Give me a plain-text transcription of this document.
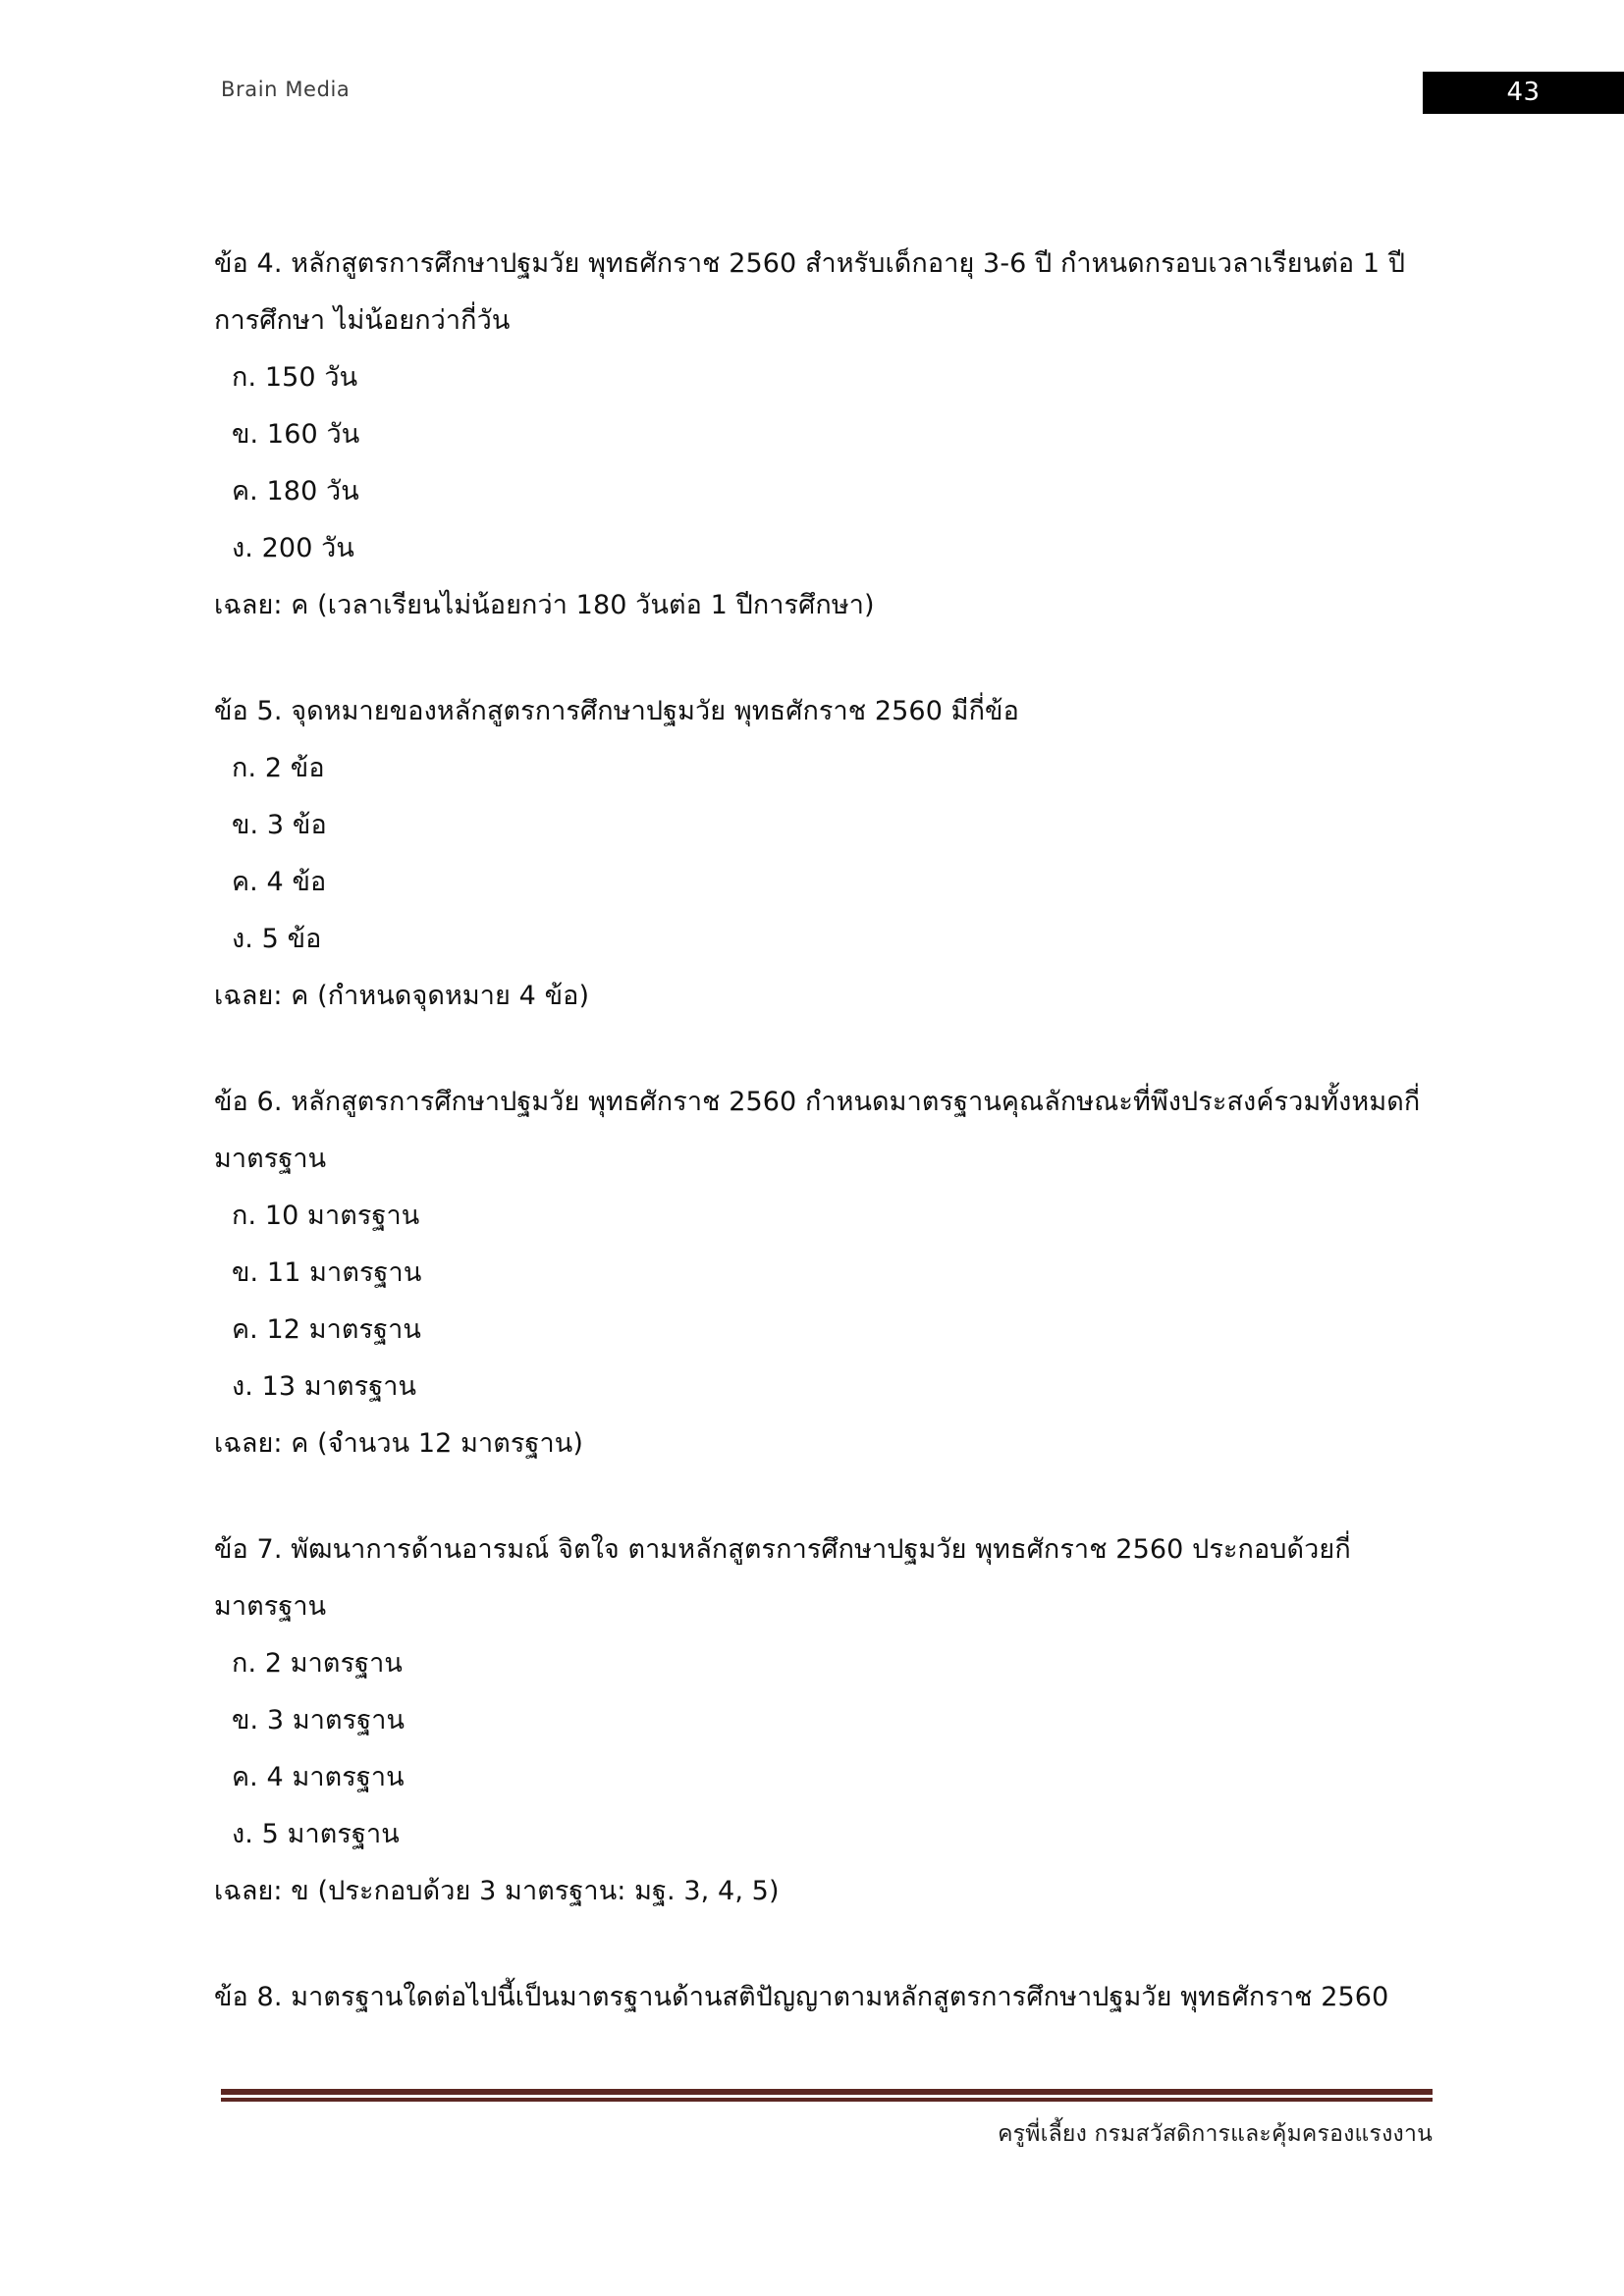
Brain Media	43

ข้อ 4. หลักสูตรการศึกษาปฐมวัย พุทธศักราช 2560 สำหรับเด็กอายุ 3-6 ปี กำหนดกรอบเวลาเรียนต่อ 1 ปีการศึกษา ไม่น้อยกว่ากี่วัน

ก. 150 วัน
ข. 160 วัน
ค. 180 วัน
ง. 200 วัน
เฉลย: ค (เวลาเรียนไม่น้อยกว่า 180 วันต่อ 1 ปีการศึกษา)

ข้อ 5. จุดหมายของหลักสูตรการศึกษาปฐมวัย พุทธศักราช 2560 มีกี่ข้อ

ก. 2 ข้อ
ข. 3 ข้อ
ค. 4 ข้อ
ง. 5 ข้อ
เฉลย: ค (กำหนดจุดหมาย 4 ข้อ)

ข้อ 6. หลักสูตรการศึกษาปฐมวัย พุทธศักราช 2560 กำหนดมาตรฐานคุณลักษณะที่พึงประสงค์รวมทั้งหมดกี่มาตรฐาน

ก. 10 มาตรฐาน
ข. 11 มาตรฐาน
ค. 12 มาตรฐาน
ง. 13 มาตรฐาน
เฉลย: ค (จำนวน 12 มาตรฐาน)

ข้อ 7. พัฒนาการด้านอารมณ์ จิตใจ ตามหลักสูตรการศึกษาปฐมวัย พุทธศักราช 2560 ประกอบด้วยกี่มาตรฐาน

ก. 2 มาตรฐาน
ข. 3 มาตรฐาน
ค. 4 มาตรฐาน
ง. 5 มาตรฐาน
เฉลย: ข (ประกอบด้วย 3 มาตรฐาน: มฐ. 3, 4, 5)

ข้อ 8. มาตรฐานใดต่อไปนี้เป็นมาตรฐานด้านสติปัญญาตามหลักสูตรการศึกษาปฐมวัย พุทธศักราช 2560

ครูพี่เลี้ยง กรมสวัสดิการและคุ้มครองแรงงาน
